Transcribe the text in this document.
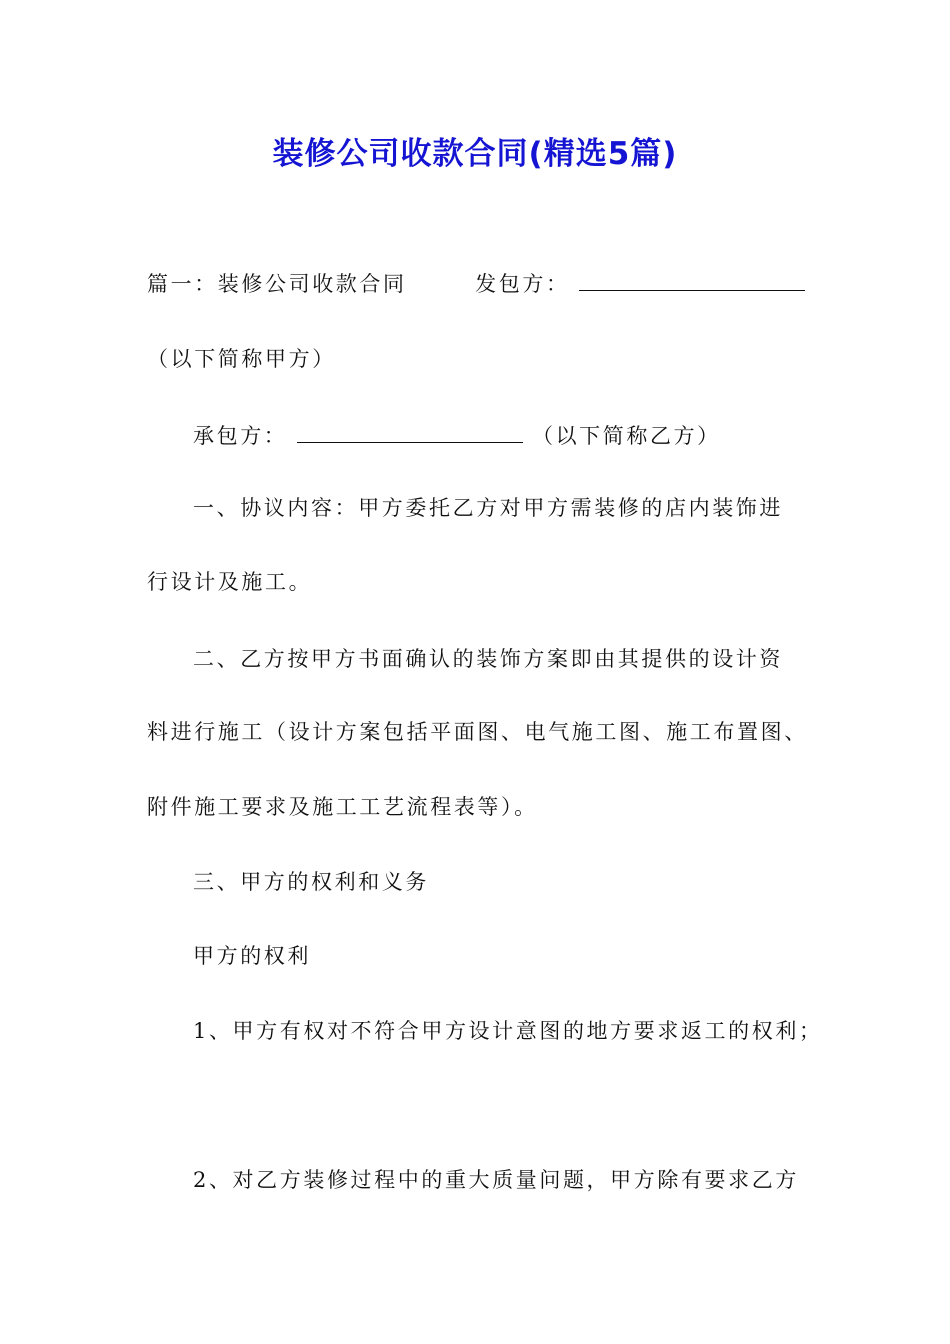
装修公司收款合同(精选5篇)

篇一：装修公司收款合同	发包方：

（以下简称甲方）

承包方：	（以下简称乙方）

一、协议内容：甲方委托乙方对甲方需装修的店内装饰进

行设计及施工。

二、乙方按甲方书面确认的装饰方案即由其提供的设计资

料进行施工（设计方案包括平面图、电气施工图、施工布置图、

附件施工要求及施工工艺流程表等）。

三、甲方的权利和义务

甲方的权利

1、甲方有权对不符合甲方设计意图的地方要求返工的权利；

2、对乙方装修过程中的重大质量问题，甲方除有要求乙方
